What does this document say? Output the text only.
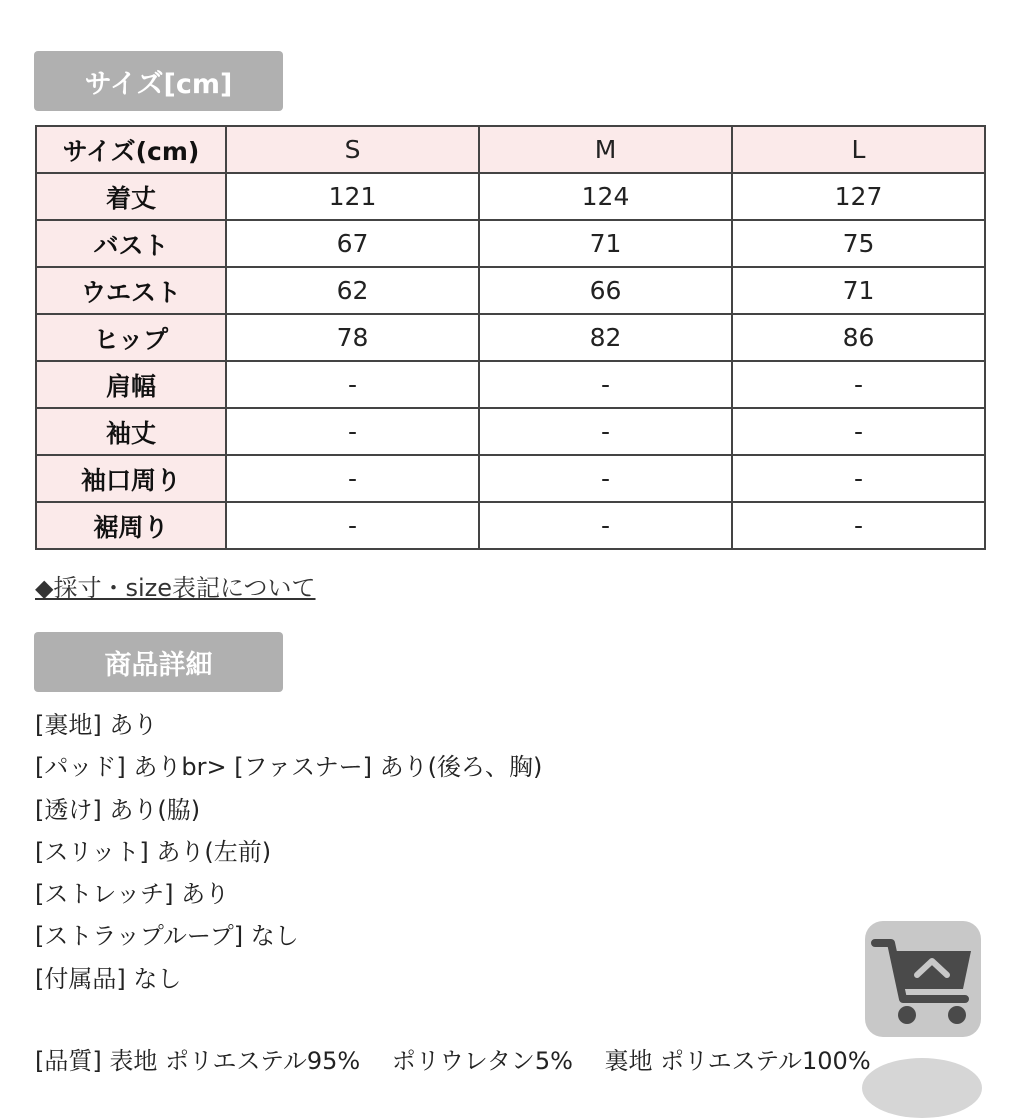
サイズ[cm]
サイズ(cm)	S	M	L
着丈	121	124	127
バスト	67	71	75
ウエスト	62	66	71
ヒップ	78	82	86
肩幅	-	-	-
袖丈	-	-	-
袖口周り	-	-	-
裾周り	-	-	-
◆採寸・size表記について
商品詳細
[裏地] あり
[パッド] ありbr> [ファスナー] あり(後ろ、胸)
[透け] あり(脇)
[スリット] あり(左前)
[ストレッチ] あり
[ストラップループ] なし
[付属品] なし
[品質] 表地 ポリエステル95%　 ポリウレタン5%　 裏地 ポリエステル100%
